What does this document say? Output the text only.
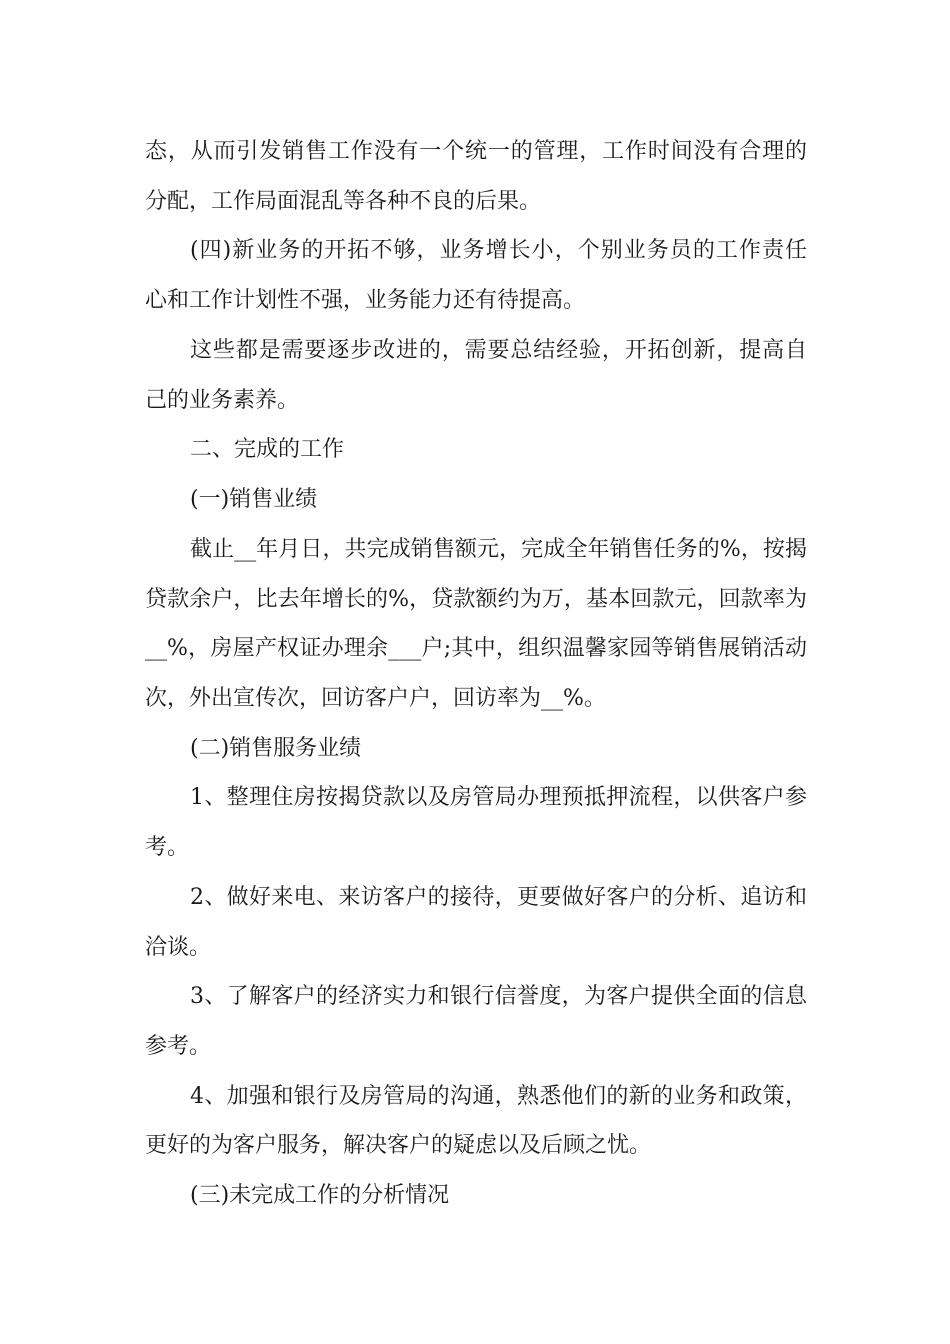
态，从而引发销售工作没有一个统一的管理，工作时间没有合理的

分配，工作局面混乱等各种不良的后果。

(四)新业务的开拓不够，业务增长小，个别业务员的工作责任

心和工作计划性不强，业务能力还有待提高。

这些都是需要逐步改进的，需要总结经验，开拓创新，提高自

己的业务素养。

二、完成的工作

(一)销售业绩

截止__年月日，共完成销售额元，完成全年销售任务的%，按揭

贷款余户，比去年增长的%，贷款额约为万，基本回款元，回款率为

__%，房屋产权证办理余___户;其中，组织温馨家园等销售展销活动

次，外出宣传次，回访客户户，回访率为__%。

(二)销售服务业绩

1、整理住房按揭贷款以及房管局办理预抵押流程，以供客户参

考。

2、做好来电、来访客户的接待，更要做好客户的分析、追访和

洽谈。

3、了解客户的经济实力和银行信誉度，为客户提供全面的信息

参考。

4、加强和银行及房管局的沟通，熟悉他们的新的业务和政策，

更好的为客户服务，解决客户的疑虑以及后顾之忧。

(三)未完成工作的分析情况
